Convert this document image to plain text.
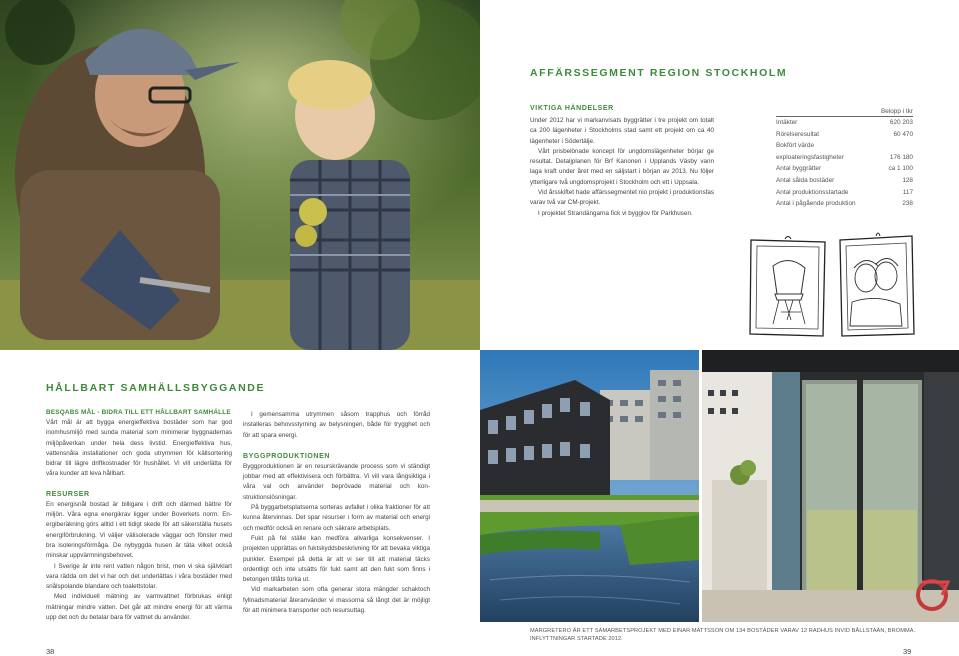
AFFÄRSSEGMENT REGION STOCKHOLM
VIKTIGA HÄNDELSER

Under 2012 har vi markanvisats byggrätter i tre projekt om totalt ca 200 lägenheter i Stockholms stad samt ett projekt om ca 40 lägenheter i Södertälje.

Vårt prisbelönade koncept för ungdomslägenheter börjar ge resultat. Detaljplanen för Brf Kanonen i Upplands Väsby vann laga kraft under året med en säljstart i början av 2013. Nu följer ytterligare två ungdomsprojekt i Stockholm och ett i Uppsala.

Vid årsskiftet hade affärssegmentet nio projekt i produktionsfas varav två var CM-projekt.

I projektet Strandängarna fick vi bygglov för Parkhusen.

Belopp i tkr
Intäkter	620 203
Rörelseresultat	60 470
Bokfört värde	
exploateringsfastigheter	176 180
Antal byggrätter	ca 1 100
Antal sålda bostäder	128
Antal produktionsstartade	117
Antal i pågående produktion	238
HÅLLBART SAMHÄLLSBYGGANDE
BESQABS MÅL - BIDRA TILL ETT HÅLLBART SAMHÄLLE

Vårt mål är att bygga energieffektiva bostäder som har god inomhusmiljö med sunda material som minimerar byggnadernas miljöpåverkan under hela dess livstid. Energieffektiva hus, vattensnåla installationer och goda utrymmen för källsortering bidrar till lägre driftkostnader för hushållet. Vi vill underlätta för våra kunder att leva hållbart.

RESURSER

En energisnål bostad är billigare i drift och därmed bättre för miljön. Våra egna energikrav ligger under Boverkets norm. Energiberäkning görs alltid i ett tidigt skede för att säkerställa husets energiförbrukning. Vi väljer välisolerade väggar och fönster med bra isoleringsförmåga. De nybyggda husen är täta vilket också minskar uppvärmningsbehovet.

I Sverige är inte rent vatten någon brist, men vi ska självklart vara rädda om det vi har och det underlättas i våra bostäder med snålspolande blandare och toalettstolar.

Med individuell mätning av varmvattnet förbrukas enligt mätningar mindre vatten. Det går att mindre energi för att värma upp det och du betalar bara för vattnet du använder.

I gemensamma utrymmen såsom trapphus och förråd installeras behovsstyrning av belysningen, både för trygghet och för att spara energi.

BYGGPRODUKTIONEN

Byggproduktionen är en resurskrävande process som vi ständigt jobbar med att effektivisera och förbättra. Vi vill vara långsiktiga i våra val och använder beprövade material och konstruktionslösningar.

På byggarbetsplatserna sorteras avfallet i olika fraktioner för att kunna återvinnas. Det spar resurser i form av material och energi och medför också en renare och säkrare arbetsplats.

Fukt på fel ställe kan medföra allvarliga konsekvenser. I projekten upprättas en fuktskyddsbeskrivning för att bevaka viktiga punkter. Exempel på detta är att vi ser till att material täcks ordentligt och inte utsätts för fukt samt att den fukt som finns i betongen tillåts torka ut.

Vid markarbeten som ofta generar stora mängder schaktoch fyllnadsmaterial återanvänder vi massorna så långt det är möjligt för att minimera transporter och resursuttag.

38
MARGRETERO ÄR ETT SAMARBETSPROJEKT MED EINAR MATTSSON OM 134 BOSTÄDER VARAV 12 RADHUS INVID BÅLLSTAÄN, BROMMA. INFLYTTNINGAR STARTADE 2012.
39
